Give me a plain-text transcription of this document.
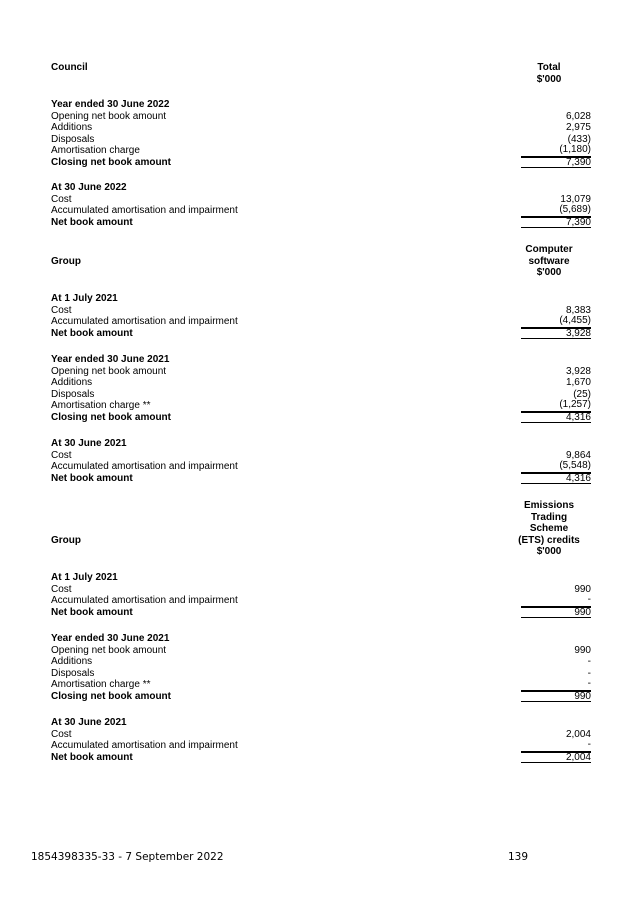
Council	Total
$'000
Year ended 30 June 2022
Opening net book amount	6,028
Additions	2,975
Disposals	(433)
Amortisation charge	(1,180)
Closing net book amount	7,390
At 30 June 2022
Cost	13,079
Accumulated amortisation and impairment	(5,689)
Net book amount	7,390
Group
Computer
software
$'000
At 1 July 2021
Cost	8,383
Accumulated amortisation and impairment	(4,455)
Net book amount	3,928
Year ended 30 June 2021
Opening net book amount	3,928
Additions	1,670
Disposals	(25)
Amortisation charge **	(1,257)
Closing net book amount	4,316
At 30 June 2021
Cost	9,864
Accumulated amortisation and impairment	(5,548)
Net book amount	4,316
Group
Emissions
Trading
Scheme
(ETS) credits
$'000
At 1 July 2021
Cost	990
Accumulated amortisation and impairment	-
Net book amount	990
Year ended 30 June 2021
Opening net book amount	990
Additions	-
Disposals	-
Amortisation charge **	-
Closing net book amount	990
At 30 June 2021
Cost	2,004
Accumulated amortisation and impairment	-
Net book amount	2,004
1854398335-33 - 7 September 2022	139
